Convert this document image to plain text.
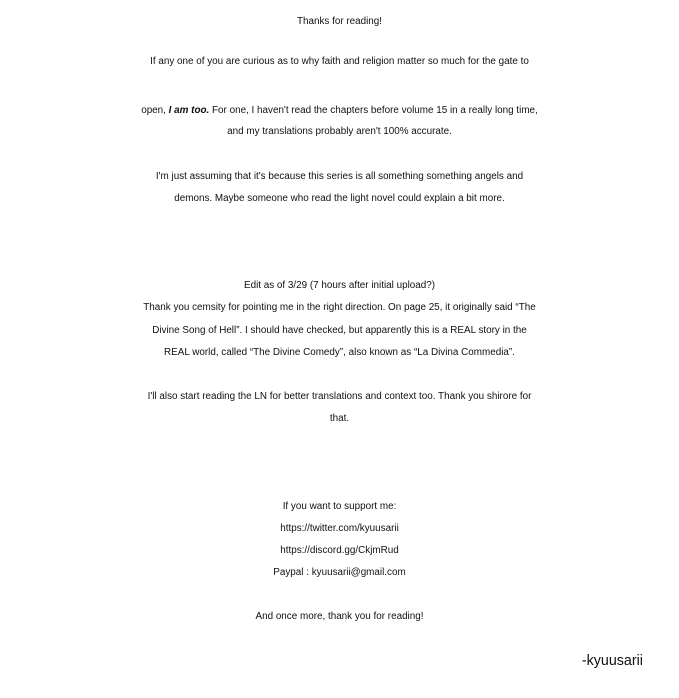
Thanks for reading!
If any one of you are curious as to why faith and religion matter so much for the gate to
open, I am too. For one, I haven't read the chapters before volume 15 in a really long time,
and my translations probably aren't 100% accurate.
I'm just assuming that it's because this series is all something something angels and
demons. Maybe someone who read the light novel could explain a bit more.
Edit as of 3/29 (7 hours after initial upload?)
Thank you cemsity for pointing me in the right direction. On page 25, it originally said “The
Divine Song of Hell”. I should have checked, but apparently this is a REAL story in the
REAL world, called “The Divine Comedy”, also known as “La Divina Commedia”.
I'll also start reading the LN for better translations and context too. Thank you shirore for
that.
If you want to support me:
https://twitter.com/kyuusarii
https://discord.gg/CkjmRud
Paypal : kyuusarii@gmail.com
And once more, thank you for reading!
-kyuusarii
